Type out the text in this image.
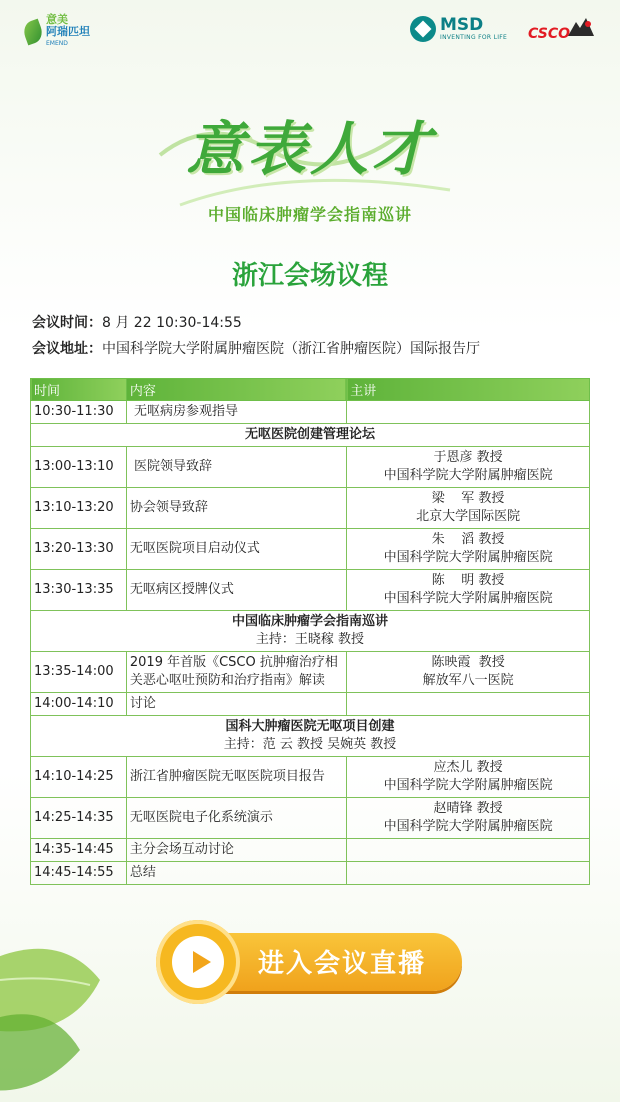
意美
阿瑞匹坦
EMEND
MSD
INVENTING FOR LIFE CSCO
意表人才
中国临床肿瘤学会指南巡讲
浙江会场议程
会议时间：8 月 22 10:30-14:55
会议地址：中国科学院大学附属肿瘤医院（浙江省肿瘤医院）国际报告厅
时间	内容	主讲
10:30-11:30	无呕病房参观指导	

无呕医院创建管理论坛		

13:00-13:10	医院领导致辞	于恩彦 教授
中国科学院大学附属肿瘤医院

13:10-13:20	协会领导致辞	梁    军 教授
北京大学国际医院

13:20-13:30	无呕医院项目启动仪式	朱    滔 教授
中国科学院大学附属肿瘤医院

13:30-13:35	无呕病区授牌仪式	陈    明 教授
中国科学院大学附属肿瘤医院

中国临床肿瘤学会指南巡讲
主持：王晓稼 教授		

13:35-14:00	2019 年首版《CSCO 抗肿瘤治疗相关恶心呕吐预防和治疗指南》解读	陈映霞  教授
解放军八一医院

14:00-14:10	讨论	

国科大肿瘤医院无呕项目创建
主持：范 云 教授 吴婉英 教授		

14:10-14:25	浙江省肿瘤医院无呕医院项目报告	应杰儿 教授
中国科学院大学附属肿瘤医院

14:25-14:35	无呕医院电子化系统演示	赵晴锋 教授
中国科学院大学附属肿瘤医院

14:35-14:45	主分会场互动讨论	
14:45-14:55	总结	
进入会议直播
